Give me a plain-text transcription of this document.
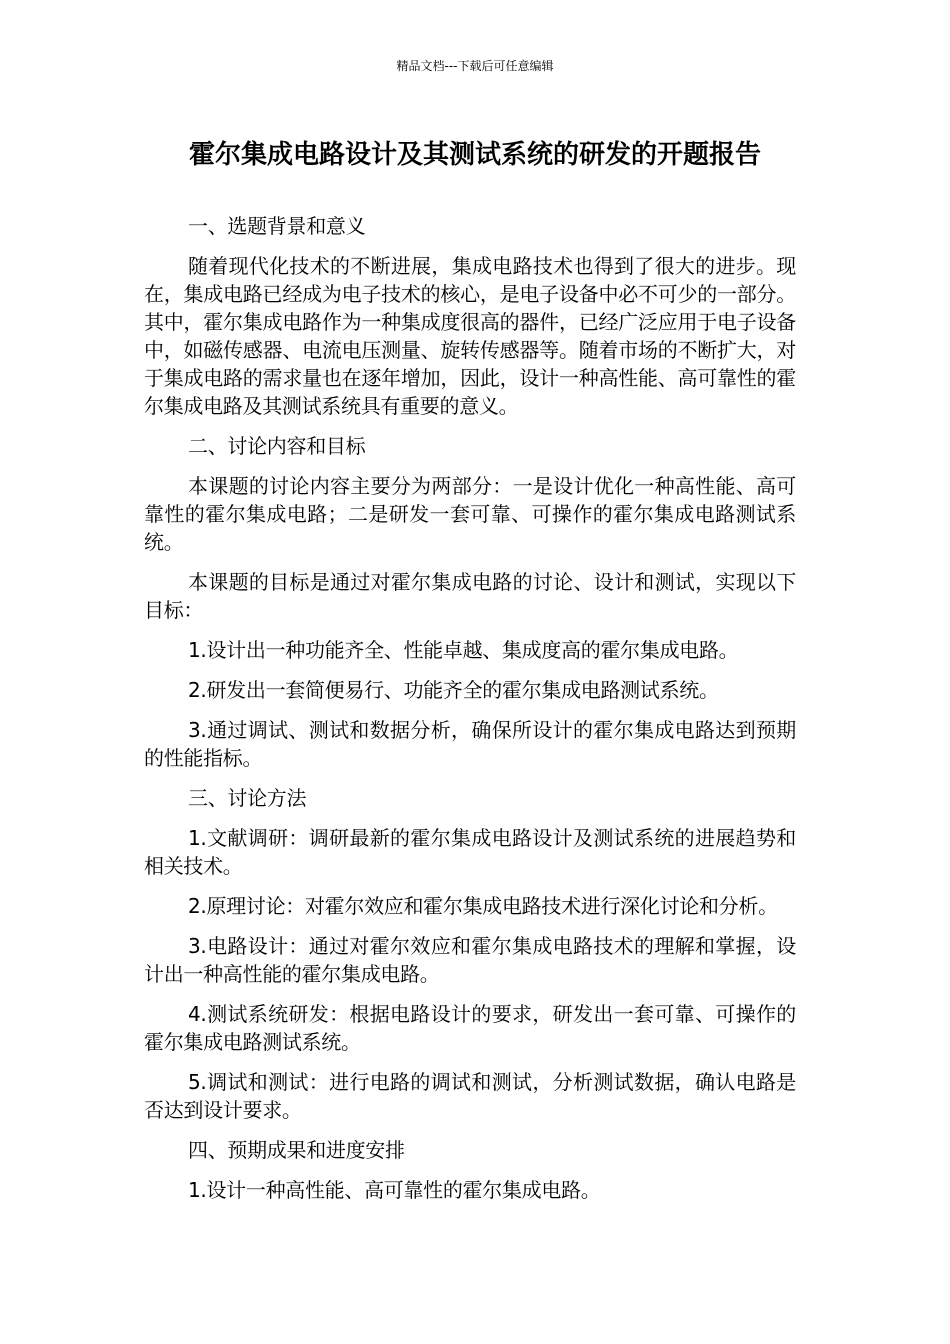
精品文档---下载后可任意编辑
霍尔集成电路设计及其测试系统的研发的开题报告

一、选题背景和意义

随着现代化技术的不断进展，集成电路技术也得到了很大的进步。现在，集成电路已经成为电子技术的核心，是电子设备中必不可少的一部分。其中，霍尔集成电路作为一种集成度很高的器件，已经广泛应用于电子设备中，如磁传感器、电流电压测量、旋转传感器等。随着市场的不断扩大，对于集成电路的需求量也在逐年增加，因此，设计一种高性能、高可靠性的霍尔集成电路及其测试系统具有重要的意义。

二、讨论内容和目标

本课题的讨论内容主要分为两部分：一是设计优化一种高性能、高可靠性的霍尔集成电路；二是研发一套可靠、可操作的霍尔集成电路测试系统。

本课题的目标是通过对霍尔集成电路的讨论、设计和测试，实现以下目标：

1.设计出一种功能齐全、性能卓越、集成度高的霍尔集成电路。

2.研发出一套简便易行、功能齐全的霍尔集成电路测试系统。

3.通过调试、测试和数据分析，确保所设计的霍尔集成电路达到预期的性能指标。

三、讨论方法

1.文献调研：调研最新的霍尔集成电路设计及测试系统的进展趋势和相关技术。

2.原理讨论：对霍尔效应和霍尔集成电路技术进行深化讨论和分析。

3.电路设计：通过对霍尔效应和霍尔集成电路技术的理解和掌握，设计出一种高性能的霍尔集成电路。

4.测试系统研发：根据电路设计的要求，研发出一套可靠、可操作的霍尔集成电路测试系统。

5.调试和测试：进行电路的调试和测试，分析测试数据，确认电路是否达到设计要求。

四、预期成果和进度安排

1.设计一种高性能、高可靠性的霍尔集成电路。
